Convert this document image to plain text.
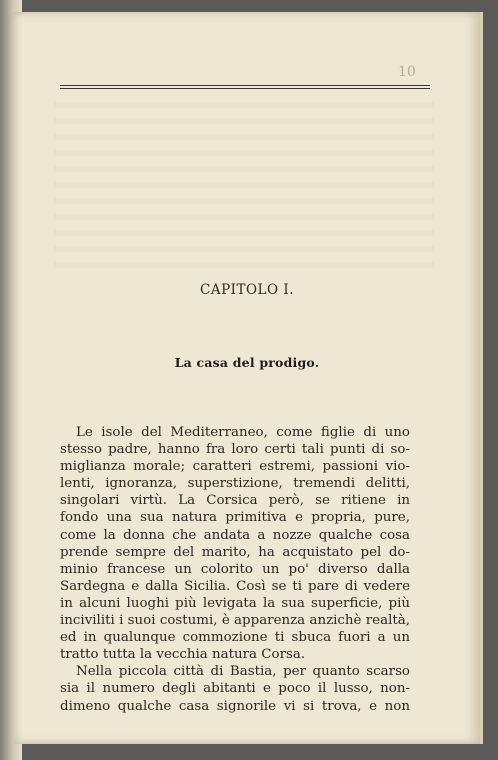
10
CAPITOLO I.
La casa del prodigo.
Le isole del Mediterraneo, come figlie di uno
stesso padre, hanno fra loro certi tali punti di so-
miglianza morale; caratteri estremi, passioni vio-
lenti, ignoranza, superstizione, tremendi delitti,
singolari virtù. La Corsica però, se ritiene in
fondo una sua natura primitiva e propria, pure,
come la donna che andata a nozze qualche cosa
prende sempre del marito, ha acquistato pel do-
minio francese un colorito un po' diverso dalla
Sardegna e dalla Sicilia. Così se ti pare di vedere
in alcuni luoghi più levigata la sua superficie, più
inciviliti i suoi costumi, è apparenza anzichè realtà,
ed in qualunque commozione ti sbuca fuori a un
tratto tutta la vecchia natura Corsa.
Nella piccola città di Bastia, per quanto scarso
sia il numero degli abitanti e poco il lusso, non-
dimeno qualche casa signorile vi si trova, e non
